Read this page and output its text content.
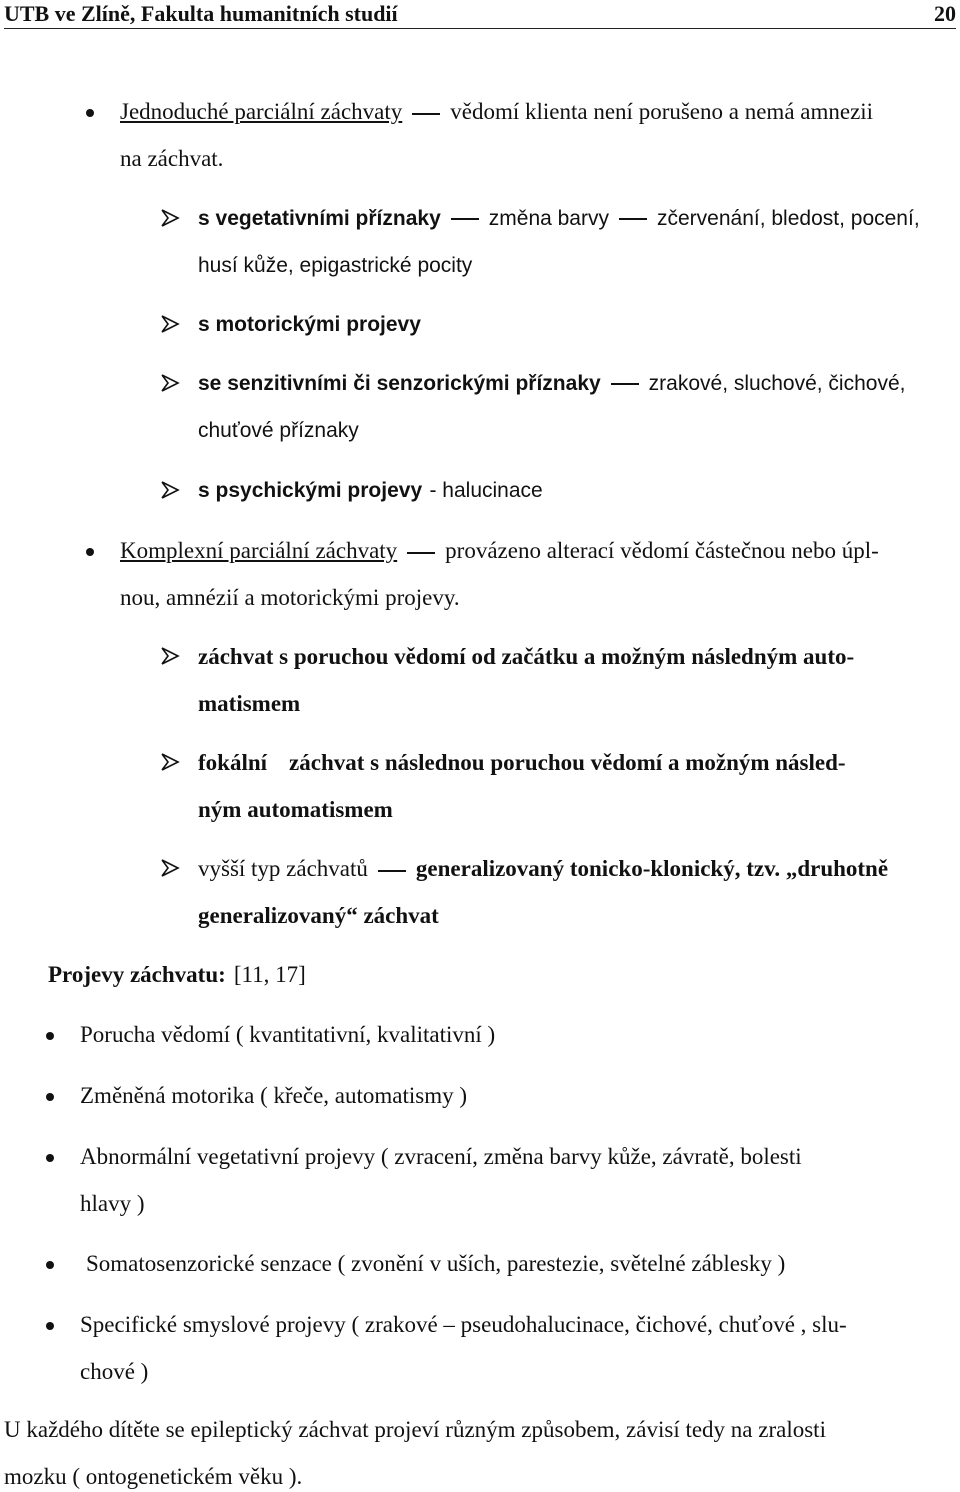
UTB ve Zlíně, Fakulta humanitních studií	20
Jednoduché parciální záchvaty vědomí klienta není porušeno a nemá amnezii
na záchvat.
s vegetativními příznaky změna barvy zčervenání, bledost, pocení,
husí kůže, epigastrické pocity
s motorickými projevy
se senzitivními či senzorickými příznaky zrakové, sluchové, čichové,
chuťové příznaky
s psychickými projevy - halucinace
Komplexní parciální záchvaty provázeno alterací vědomí částečnou nebo úpl-
nou, amnézií a motorickými projevy.
záchvat s poruchou vědomí od začátku a možným následným auto-
matismem
fokální záchvat s následnou poruchou vědomí a možným násled-
ným automatismem
vyšší typ záchvatů generalizovaný tonicko-klonický, tzv. „druhotně
generalizovaný“ záchvat
Projevy záchvatu: [11, 17]
Porucha vědomí ( kvantitativní, kvalitativní )
Změněná motorika ( křeče, automatismy )
Abnormální vegetativní projevy ( zvracení, změna barvy kůže, závratě, bolesti
hlavy )
Somatosenzorické senzace ( zvonění v uších, parestezie, světelné záblesky )
Specifické smyslové projevy ( zrakové – pseudohalucinace, čichové, chuťové , slu-
chové )
U každého dítěte se epileptický záchvat projeví různým způsobem, závisí tedy na zralosti
mozku ( ontogenetickém věku ).
